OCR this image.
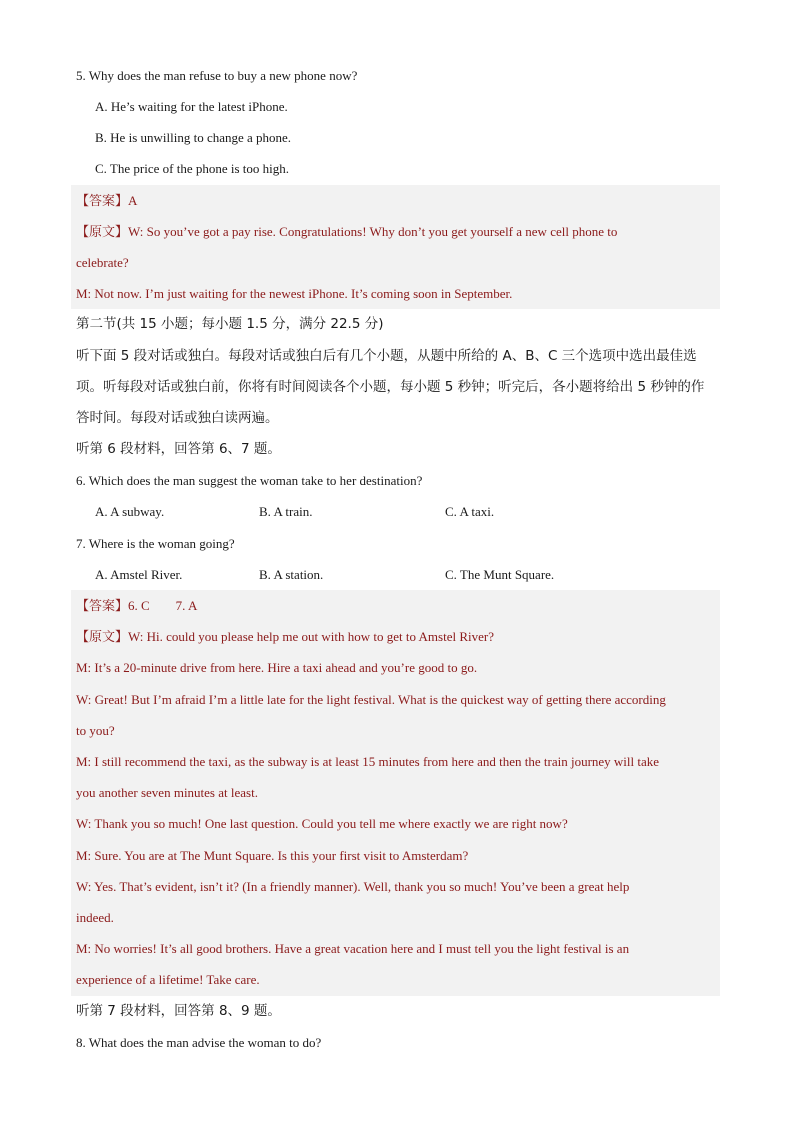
5. Why does the man refuse to buy a new phone now?
A. He’s waiting for the latest iPhone.
B. He is unwilling to change a phone.
C. The price of the phone is too high.
【答案】A
【原文】W: So you’ve got a pay rise. Congratulations! Why don’t you get yourself a new cell phone to
celebrate?
M: Not now. I’m just waiting for the newest iPhone. It’s coming soon in September.
第二节(共 15 小题；每小题 1.5 分，满分 22.5 分)
听下面 5 段对话或独白。每段对话或独白后有几个小题，从题中所给的 A、B、C 三个选项中选出最佳选
项。听每段对话或独白前，你将有时间阅读各个小题，每小题 5 秒钟；听完后，各小题将给出 5 秒钟的作
答时间。每段对话或独白读两遍。
听第 6 段材料，回答第 6、7 题。
6. Which does the man suggest the woman take to her destination?
A. A subway.	B. A train.	C. A taxi.
7. Where is the woman going?
A. Amstel River.	B. A station.	C. The Munt Square.
【答案】6. C        7. A
【原文】W: Hi. could you please help me out with how to get to Amstel River?
M: It’s a 20-minute drive from here. Hire a taxi ahead and you’re good to go.
W: Great! But I’m afraid I’m a little late for the light festival. What is the quickest way of getting there according
to you?
M: I still recommend the taxi, as the subway is at least 15 minutes from here and then the train journey will take
you another seven minutes at least.
W: Thank you so much! One last question. Could you tell me where exactly we are right now?
M: Sure. You are at The Munt Square. Is this your first visit to Amsterdam?
W: Yes. That’s evident, isn’t it? (In a friendly manner). Well, thank you so much! You’ve been a great help
indeed.
M: No worries! It’s all good brothers. Have a great vacation here and I must tell you the light festival is an
experience of a lifetime! Take care.
听第 7 段材料，回答第 8、9 题。
8. What does the man advise the woman to do?
